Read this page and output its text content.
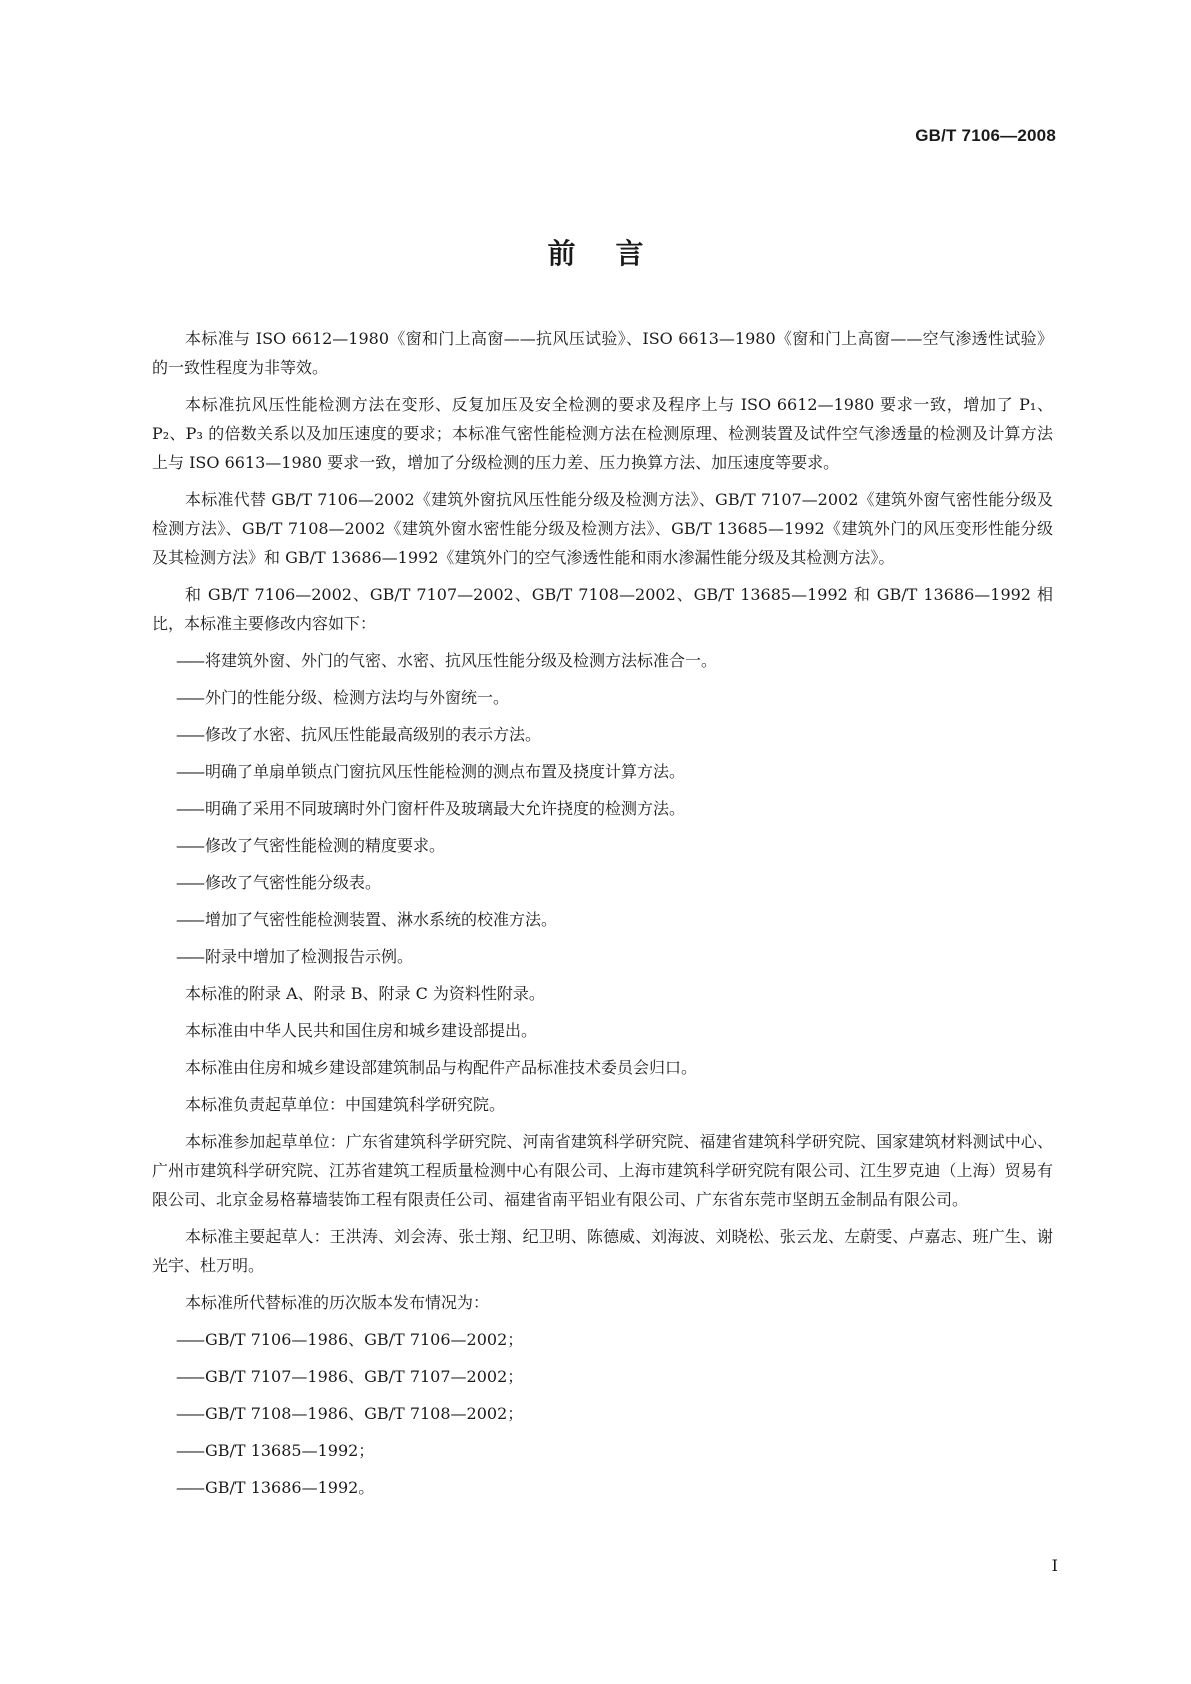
GB/T 7106—2008
前言

本标准与 ISO 6612—1980《窗和门上高窗——抗风压试验》、ISO 6613—1980《窗和门上高窗——空气渗透性试验》的一致性程度为非等效。

本标准抗风压性能检测方法在变形、反复加压及安全检测的要求及程序上与 ISO 6612—1980 要求一致，增加了 P₁、P₂、P₃ 的倍数关系以及加压速度的要求；本标准气密性能检测方法在检测原理、检测装置及试件空气渗透量的检测及计算方法上与 ISO 6613—1980 要求一致，增加了分级检测的压力差、压力换算方法、加压速度等要求。

本标准代替 GB/T 7106—2002《建筑外窗抗风压性能分级及检测方法》、GB/T 7107—2002《建筑外窗气密性能分级及检测方法》、GB/T 7108—2002《建筑外窗水密性能分级及检测方法》、GB/T 13685—1992《建筑外门的风压变形性能分级及其检测方法》和 GB/T 13686—1992《建筑外门的空气渗透性能和雨水渗漏性能分级及其检测方法》。

和 GB/T 7106—2002、GB/T 7107—2002、GB/T 7108—2002、GB/T 13685—1992 和 GB/T 13686—1992 相比，本标准主要修改内容如下：

—— 将建筑外窗、外门的气密、水密、抗风压性能分级及检测方法标准合一。
—— 外门的性能分级、检测方法均与外窗统一。
—— 修改了水密、抗风压性能最高级别的表示方法。
—— 明确了单扇单锁点门窗抗风压性能检测的测点布置及挠度计算方法。
—— 明确了采用不同玻璃时外门窗杆件及玻璃最大允许挠度的检测方法。
—— 修改了气密性能检测的精度要求。
—— 修改了气密性能分级表。
—— 增加了气密性能检测装置、淋水系统的校准方法。
—— 附录中增加了检测报告示例。

本标准的附录 A、附录 B、附录 C 为资料性附录。

本标准由中华人民共和国住房和城乡建设部提出。

本标准由住房和城乡建设部建筑制品与构配件产品标准技术委员会归口。

本标准负责起草单位：中国建筑科学研究院。

本标准参加起草单位：广东省建筑科学研究院、河南省建筑科学研究院、福建省建筑科学研究院、国家建筑材料测试中心、广州市建筑科学研究院、江苏省建筑工程质量检测中心有限公司、上海市建筑科学研究院有限公司、江生罗克迪（上海）贸易有限公司、北京金易格幕墙装饰工程有限责任公司、福建省南平铝业有限公司、广东省东莞市坚朗五金制品有限公司。

本标准主要起草人：王洪涛、刘会涛、张士翔、纪卫明、陈德威、刘海波、刘晓松、张云龙、左蔚雯、卢嘉志、班广生、谢光宇、杜万明。

本标准所代替标准的历次版本发布情况为：

—— GB/T 7106—1986、GB/T 7106—2002；
—— GB/T 7107—1986、GB/T 7107—2002；
—— GB/T 7108—1986、GB/T 7108—2002；
—— GB/T 13685—1992；
—— GB/T 13686—1992。
I
